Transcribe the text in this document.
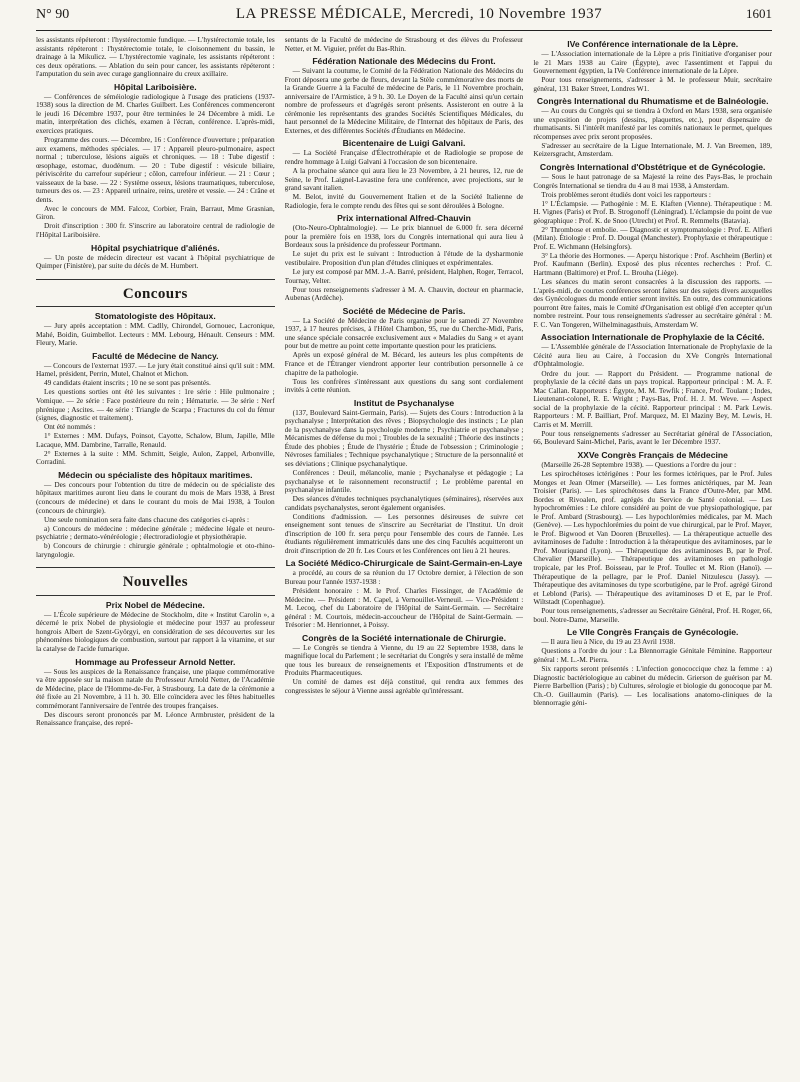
N° 90	LA PRESSE MÉDICALE, Mercredi, 10 Novembre 1937	1601

les assistants répéteront : l'hystérectomie fundique. — L'hystérectomie totale, les assistants répéteront : l'hystérectomie totale, le cloisonnement du bassin, le drainage à la Mikulicz. — L'hystérectomie vaginale, les assistants répéteront : ces deux opérations. — Ablation du sein pour cancer, les assistants répéteront : l'amputation du sein avec curage ganglionnaire du creux axillaire.

Hôpital Lariboisière.

— Conférences de séméiologie radiologique à l'usage des praticiens (1937-1938) sous la direction de M. Charles Guilbert. Les Conférences commenceront le jeudi 16 Décembre 1937, pour être terminées le 24 Décembre à midi. Le matin, interprétation des clichés, examen à l'écran, conférence. L'après-midi, exercices pratiques.

Programme des cours. — Décembre, 16 : Conférence d'ouverture ; préparation aux examens, méthodes spéciales. — 17 : Appareil pleuro-pulmonaire, aspect normal ; tuberculose, lésions aiguës et chroniques. — 18 : Tube digestif : œsophage, estomac, duodénum. — 20 : Tube digestif : vésicule biliaire, périviscérite du carrefour supérieur ; côlon, carrefour inférieur. — 21 : Cœur ; vaisseaux de la base. — 22 : Système osseux, lésions traumatiques, tuberculose, tumeurs des os. — 23 : Appareil urinaire, reins, uretère et vessie. — 24 : Crâne et dents.

Avec le concours de MM. Falcoz, Corbier, Frain, Barraut, Mme Grasnian, Giron.

Droit d'inscription : 300 fr. S'inscrire au laboratoire central de radiologie de l'Hôpital Lariboisière.

Hôpital psychiatrique d'aliénés.

— Un poste de médecin directeur est vacant à l'hôpital psychiatrique de Quimper (Finistère), par suite du décès de M. Humbert.

Concours
Stomatologiste des Hôpitaux.

— Jury après acceptation : MM. Cadlly, Chirondel, Gornouec, Lacronique, Mahé, Boidin, Guimbellot. Lecteurs : MM. Lebourg, Hénault. Censeurs : MM. Fleury, Marie.

Faculté de Médecine de Nancy.

— Concours de l'externat 1937. — Le jury était constitué ainsi qu'il suit : MM. Hamel, président, Perrin, Mutel, Chalnot et Michon.

49 candidats étaient inscrits ; 10 ne se sont pas présentés.

Les questions sorties ont été les suivantes : 1re série : Hile pulmonaire ; Vomique. — 2e série : Face postérieure du rein ; Hématurie. — 3e série : Nerf phrénique ; Ascites. — 4e série : Triangle de Scarpa ; Fractures du col du fémur (signes, diagnostic et traitement).

Ont été nommés :

1° Externes : MM. Dufays, Poinsot, Cayotte, Schalow, Blum, Japille, Mlle Lacaque, MM. Dambrine, Tarralle, Renauld.

2° Externes à la suite : MM. Schmitt, Seigle, Aulon, Zappel, Arbonville, Corradini.

Médecin ou spécialiste des hôpitaux maritimes.

— Des concours pour l'obtention du titre de médecin ou de spécialiste des hôpitaux maritimes auront lieu dans le courant du mois de Mars 1938, à Brest (concours de médecine) et dans le courant du mois de Mai 1938, à Toulon (concours de chirurgie).

Une seule nomination sera faite dans chacune des catégories ci-après :

a) Concours de médecine : médecine générale ; médecine légale et neuro-psychiatrie ; dermato-vénéréologie ; électroradiologie et physiothérapie.

b) Concours de chirurgie : chirurgie générale ; ophtalmologie et oto-rhino-laryngologie.

Nouvelles
Prix Nobel de Médecine.

— L'École supérieure de Médecine de Stockholm, dite « Institut Carolin », a décerné le prix Nobel de physiologie et médecine pour 1937 au professeur hongrois Albert de Szent-Györgyi, en considération de ses découvertes sur les phénomènes biologiques de combustion, surtout par rapport à la vitamine, et sur la catalyse de l'acide fumarique.

Hommage au Professeur Arnold Netter.

— Sous les auspices de la Renaissance française, une plaque commémorative va être apposée sur la maison natale du Professeur Arnold Netter, de l'Académie de Médecine, place de l'Homme-de-Fer, à Strasbourg. La date de la cérémonie a été fixée au 21 Novembre, à 11 h. 30. Elle coïncidera avec les fêtes habituelles commémorant l'anniversaire de l'entrée des troupes françaises.

Des discours seront prononcés par M. Léonce Armbruster, président de la Renaissance française, des repré-

sentants de la Faculté de médecine de Strasbourg et des élèves du Professeur Netter, et M. Viguier, préfet du Bas-Rhin.

Fédération Nationale des Médecins du Front.

— Suivant la coutume, le Comité de la Fédération Nationale des Médecins du Front déposera une gerbe de fleurs, devant la Stèle commémorative des morts de la Grande Guerre à la Faculté de médecine de Paris, le 11 Novembre prochain, anniversaire de l'Armistice, à 9 h. 30. Le Doyen de la Faculté ainsi qu'un certain nombre de professeurs et d'agrégés seront présents. Assisteront en outre à la cérémonie les représentants des grandes Sociétés Scientifiques Médicales, du haut personnel de la Médecine Militaire, de l'Internat des hôpitaux de Paris, des Externes, et des différentes Sociétés d'Étudiants en Médecine.

Bicentenaire de Luigi Galvani.

— La Société Française d'Électrothérapie et de Radiologie se propose de rendre hommage à Luigi Galvani à l'occasion de son bicentenaire.

A la prochaine séance qui aura lieu le 23 Novembre, à 21 heures, 12, rue de Seine, le Prof. Laignel-Lavastine fera une conférence, avec projections, sur le grand savant italien.

M. Belot, invité du Gouvernement Italien et de la Société Italienne de Radiologie, fera le compte rendu des fêtes qui se sont déroulées à Bologne.

Prix international Alfred-Chauvin

(Oto-Neuro-Ophtalmologie). — Le prix biannuel de 6.000 fr. sera décerné pour la première fois en 1938, lors du Congrès international qui aura lieu à Bordeaux sous la présidence du professeur Portmann.

Le sujet du prix est le suivant : Introduction à l'étude de la dysharmonie vestibulaire. Proposition d'un plan d'études cliniques et expérimentales.

Le jury est composé par MM. J.-A. Barré, président, Halphen, Roger, Terracol, Tournay, Velter.

Pour tous renseignements s'adresser à M. A. Chauvin, docteur en pharmacie, Aubenas (Ardèche).

Société de Médecine de Paris.

— La Société de Médecine de Paris organise pour le samedi 27 Novembre 1937, à 17 heures précises, à l'Hôtel Chambon, 95, rue du Cherche-Midi, Paris, une séance spéciale consacrée exclusivement aux « Maladies du Sang » et ayant pour but de mettre au point cette importante question pour les praticiens.

Après un exposé général de M. Bécard, les auteurs les plus compétents de France et de l'Étranger viendront apporter leur contribution personnelle à ce chapitre de la pathologie.

Tous les confrères s'intéressant aux questions du sang sont cordialement invités à cette réunion.

Institut de Psychanalyse

(137, Boulevard Saint-Germain, Paris). — Sujets des Cours : Introduction à la psychanalyse ; Interprétation des rêves ; Biopsychologie des instincts ; Le plan de la psychanalyse dans la psychologie moderne ; Psychiatrie et psychanalyse ; Mécanismes de défense du moi ; Troubles de la sexualité ; Théorie des instincts ; Étude des phobies ; Étude de l'hystérie ; Étude de l'obsession ; Criminologie ; Névroses familiales ; Technique psychanalytique ; Structure de la personnalité et ses déviations ; Clinique psychanalytique.

Conférences : Deuil, mélancolie, manie ; Psychanalyse et pédagogie ; La psychanalyse et le raisonnement reconstructif ; Le problème parental en psychanalyse infantile.

Des séances d'études techniques psychanalytiques (séminaires), réservées aux candidats psychanalystes, seront également organisées.

Conditions d'admission. — Les personnes désireuses de suivre cet enseignement sont tenues de s'inscrire au Secrétariat de l'Institut. Un droit d'inscription de 100 fr. sera perçu pour l'ensemble des cours de l'année. Les étudiants régulièrement immatriculés dans une des cinq Facultés acquitteront un droit d'inscription de 20 fr. Les Cours et les Conférences ont lieu à 21 heures.

La Société Médico-Chirurgicale de Saint-Germain-en-Laye

a procédé, au cours de sa réunion du 17 Octobre dernier, à l'élection de son Bureau pour l'année 1937-1938 :

Président honoraire : M. le Prof. Charles Fiessinger, de l'Académie de Médecine. — Président : M. Capel, à Vernouillet-Verneuil. — Vice-Président : M. Lecoq, chef du Laboratoire de l'Hôpital de Saint-Germain. — Secrétaire général : M. Courtois, médecin-accoucheur de l'Hôpital de Saint-Germain. — Trésorier : M. Henrionnet, à Poissy.

Congrès de la Société internationale de Chirurgie.

— Le Congrès se tiendra à Vienne, du 19 au 22 Septembre 1938, dans le magnifique local du Parlement ; le secrétariat du Congrès y sera installé de même que tous les bureaux de renseignements et l'Exposition d'Instruments et de Produits Pharmaceutiques.

Un comité de dames est déjà constitué, qui rendra aux femmes des congressistes le séjour à Vienne aussi agréable qu'intéressant.

IVe Conférence internationale de la Lèpre.

— L'Association internationale de la Lèpre a pris l'initiative d'organiser pour le 21 Mars 1938 au Caire (Égypte), avec l'assentiment et l'appui du Gouvernement égyptien, la IVe Conférence internationale de la Lèpre.

Pour tous renseignements, s'adresser à M. le professeur Muir, secrétaire général, 131 Baker Street, Londres W1.

Congrès International du Rhumatisme et de Balnéologie.

— Au cours du Congrès qui se tiendra à Oxford en Mars 1938, sera organisée une exposition de projets (dessins, plaquettes, etc.), pour dispensaire de rhumatisants. Si l'intérêt manifesté par les comités nationaux le permet, quelques récompenses avec prix seront proposées.

S'adresser au secrétaire de la Ligue Internationale, M. J. Van Breemen, 189, Keizersgracht, Amsterdam.

Congrès International d'Obstétrique et de Gynécologie.

— Sous le haut patronage de sa Majesté la reine des Pays-Bas, le prochain Congrès International se tiendra du 4 au 8 mai 1938, à Amsterdam.

Trois problèmes seront étudiés dont voici les rapporteurs :

1° L'Éclampsie. — Pathogénie : M. E. Klaften (Vienne). Thérapeutique : M. H. Vignes (Paris) et Prof. B. Strogonoff (Léningrad). L'éclampsie du point de vue géographique : Prof. K. de Snoo (Utrecht) et Prof. R. Remmelts (Batavia).

2° Thrombose et embolie. — Diagnostic et symptomatologie : Prof. E. Alfieri (Milan). Étiologie : Prof. D. Dougal (Manchester). Prophylaxie et thérapeutique : Prof. E. Wichmann (Helsingfors).

3° La théorie des Hormones. — Aperçu historique : Prof. Aschheim (Berlin) et Prof. Kaufmann (Berlin). Exposé des plus récentes recherches : Prof. C. Hartmann (Baltimore) et Prof. L. Brouha (Liège).

Les séances du matin seront consacrées à la discussion des rapports. — L'après-midi, de courtes conférences seront faites sur des sujets divers auxquelles des Gynécologues du monde entier seront invités. En outre, des communications pourront être faites, mais le Comité d'Organisation est obligé d'en accepter qu'un nombre restreint. Pour tous renseignements s'adresser au secrétaire général : M. F. C. Van Tongeren, Wilhelminagasthuis, Amsterdam W.

Association Internationale de Prophylaxie de la Cécité.

— L'Assemblée générale de l'Association Internationale de Prophylaxie de la Cécité aura lieu au Caire, à l'occasion du XVe Congrès International d'Ophtalmologie.

Ordre du jour. — Rapport du Président. — Programme national de prophylaxie de la cécité dans un pays tropical. Rapporteur principal : M. A. F. Mac Callan. Rapporteurs : Égypte, M. M. Tewfik ; France, Prof. Toulant ; Indes, Lieutenant-colonel, R. E. Wright ; Pays-Bas, Prof. H. J. M. Weve. — Aspect social de la prophylaxie de la cécité. Rapporteur principal : M. Park Lewis. Rapporteurs : M. P. Bailliart, Prof. Marquez, M. El Maziny Bey, M. Lewis, H. Carris et M. Merrill.

Pour tous renseignements s'adresser au Secrétariat général de l'Association, 66, Boulevard Saint-Michel, Paris, avant le 1er Décembre 1937.

XXVe Congrès Français de Médecine

(Marseille 26-28 Septembre 1938). — Questions a l'ordre du jour :

Les spirochétoses ictérigènes : Pour les formes ictériques, par le Prof. Jules Monges et Jean Olmer (Marseille). — Les formes anictériques, par M. Jean Troisier (Paris). — Les spirochétoses dans la France d'Outre-Mer, par MM. Bordes et Rivoalen, prof. agrégés du Service de Santé colonial. — Les hypochromémies : Le chlore considéré au point de vue physiopathologique, par le Prof. Ambard (Strasbourg). — Les hypochlorémies médicales, par M. Mach (Genève). — Les hypochlorémies du point de vue chirurgical, par le Prof. Mayer, le Prof. Bigwood et Van Dooren (Bruxelles). — La thérapeutique actuelle des avitaminoses de l'adulte : Introduction à la thérapeutique des avitaminoses, par le Prof. Mouriquand (Lyon). — Thérapeutique des avitaminoses B, par le Prof. Chevalier (Marseille). — Thérapeutique des avitaminoses en pathologie tropicale, par les Prof. Boisseau, par le Prof. Toullec et M. Rion (Hanoï). — Thérapeutique de la pellagre, par le Prof. Daniel Nitzulescu (Jassy). — Thérapeutique des avitaminoses du type scorbutigène, par le Prof. agrégé Girond et Leblond (Paris). — Thérapeutique des avitaminoses D et E, par le Prof. Wiltstadt (Copenhague).

Pour tous renseignements, s'adresser au Secrétaire Général, Prof. H. Roger, 66, boul. Notre-Dame, Marseille.

Le VIIe Congrès Français de Gynécologie.

— Il aura lieu à Nice, du 19 au 23 Avril 1938.

Questions a l'ordre du jour : La Blennorragie Génitale Féminine. Rapporteur général : M. L.-M. Pierra.

Six rapports seront présentés : L'infection gonococcique chez la femme : a) Diagnostic bactériologique au cabinet du médecin. Grierson de guérison par M. Pierre Barbellion (Paris) ; b) Cultures, sérologie et biologie du gonocoque par M. Ch.-O. Guillaumin (Paris). — Les localisations anatomo-cliniques de la blennorragie géni-
